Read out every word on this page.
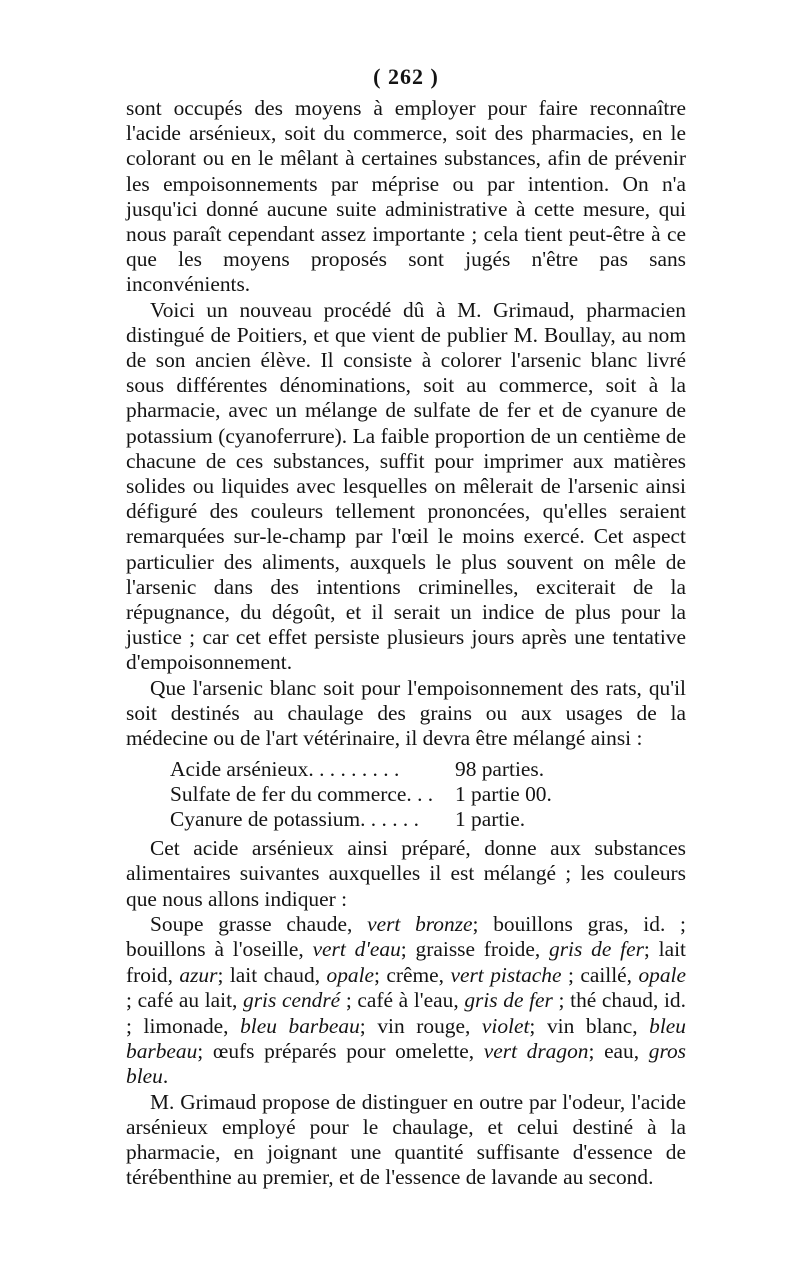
( 262 )

sont occupés des moyens à employer pour faire reconnaître l'acide arsénieux, soit du commerce, soit des pharmacies, en le colorant ou en le mêlant à certaines substances, afin de prévenir les empoisonnements par méprise ou par intention. On n'a jusqu'ici donné aucune suite administrative à cette mesure, qui nous paraît cependant assez importante ; cela tient peut-être à ce que les moyens proposés sont jugés n'être pas sans inconvénients.

Voici un nouveau procédé dû à M. Grimaud, pharmacien distingué de Poitiers, et que vient de publier M. Boullay, au nom de son ancien élève. Il consiste à colorer l'arsenic blanc livré sous différentes dénominations, soit au commerce, soit à la pharmacie, avec un mélange de sulfate de fer et de cyanure de potassium (cyanoferrure). La faible proportion de un centième de chacune de ces substances, suffit pour imprimer aux matières solides ou liquides avec lesquelles on mêlerait de l'arsenic ainsi défiguré des couleurs tellement prononcées, qu'elles seraient remarquées sur-le-champ par l'œil le moins exercé. Cet aspect particulier des aliments, auxquels le plus souvent on mêle de l'arsenic dans des intentions criminelles, exciterait de la répugnance, du dégoût, et il serait un indice de plus pour la justice ; car cet effet persiste plusieurs jours après une tentative d'empoisonnement.

Que l'arsenic blanc soit pour l'empoisonnement des rats, qu'il soit destinés au chaulage des grains ou aux usages de la médecine ou de l'art vétérinaire, il devra être mélangé ainsi :

Acide arsénieux. . . . . . . . .	98 parties.
Sulfate de fer du commerce. . .	1 partie 00.
Cyanure de potassium. . . . . .	1 partie.

Cet acide arsénieux ainsi préparé, donne aux substances alimentaires suivantes auxquelles il est mélangé ; les couleurs que nous allons indiquer :

Soupe grasse chaude, vert bronze; bouillons gras, id. ; bouillons à l'oseille, vert d'eau; graisse froide, gris de fer; lait froid, azur; lait chaud, opale; crême, vert pistache ; caillé, opale ; café au lait, gris cendré ; café à l'eau, gris de fer ; thé chaud, id. ; limonade, bleu barbeau; vin rouge, violet; vin blanc, bleu barbeau; œufs préparés pour omelette, vert dragon; eau, gros bleu.

M. Grimaud propose de distinguer en outre par l'odeur, l'acide arsénieux employé pour le chaulage, et celui destiné à la pharmacie, en joignant une quantité suffisante d'essence de térébenthine au premier, et de l'essence de lavande au second.
